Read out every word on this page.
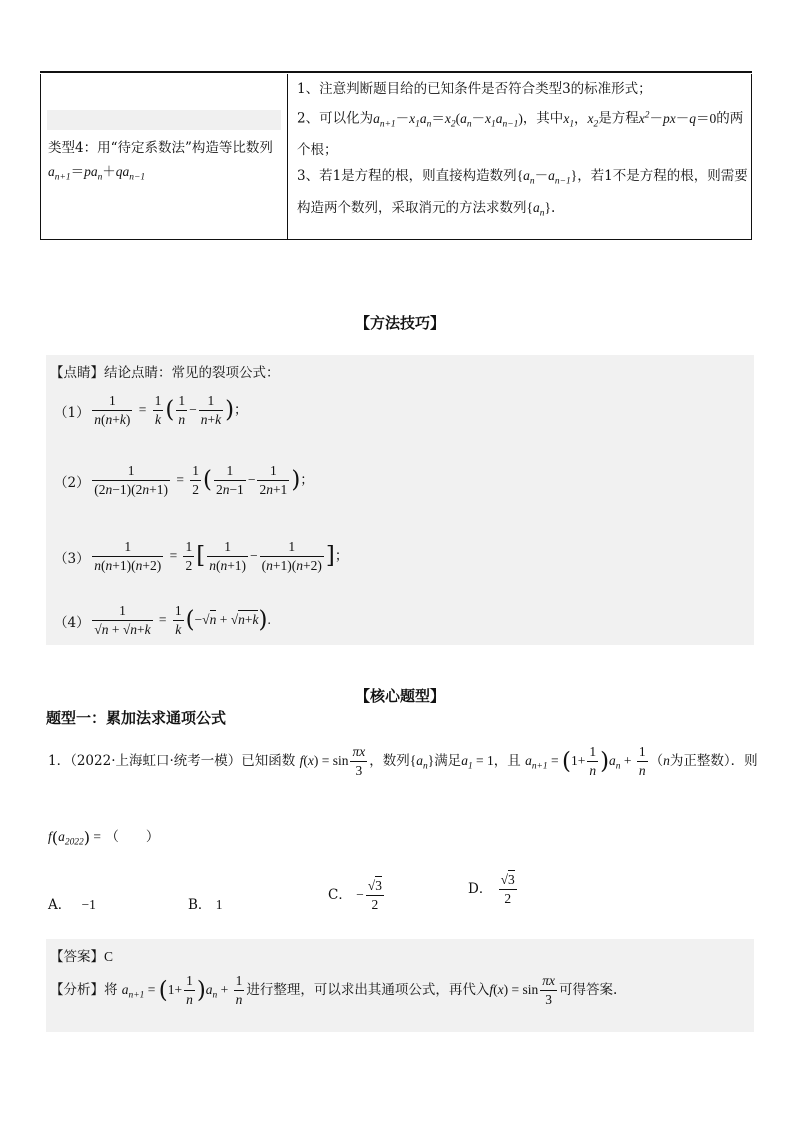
类型4：用“待定系数法”构造等比数列
$a_{n+1}=pa_n+qa_{n-1}$
1、注意判断题目给的已知条件是否符合类型3的标准形式；
2、可以化为$a_{n+1}-x_1a_n=x_2(a_n-x_1a_{n-1})$，其中$x_1$，$x_2$是方程$x^2-px-q=0$的两个根；
3、若1是方程的根，则直接构造数列$\{a_n-a_{n-1}\}$，若1不是方程的根，则需要构造两个数列，采取消元的方法求数列$\{a_n\}$.
【方法技巧】
【点睛】结论点睛：常见的裂项公式：
$(1) \frac{1}{n(n+k)} = \frac{1}{k}$ ( $\frac{1}{n} - \frac{1}{n+k}$ )；
$(2) \frac{1}{(2n-1)(2n+1)} = \frac{1}{2}$ ( $\frac{1}{2n-1} - \frac{1}{2n+1}$ )；
$(3) \frac{1}{n(n+1)(n+2)} = \frac{1}{2}$ [ $\frac{1}{n(n+1)} - \frac{1}{(n+1)(n+2)}$ ]；
$(4) \frac{1}{√n + √n+k} = \frac{1}{k} (-√n + √n+k)$.
【核心题型】
题型一：累加法求通项公式
1．（2022·上海虹口·统考一模）已知函数 $f(x) = \sin \frac{\pi x}{3}$ ，数列$\{a_n\}$满足$a_1 = 1$，且 $a_{n+1} = (1+ \frac{1}{n} )a_n + \frac{1}{n} (n$为正整数）．则
$f(a_{2022})$ = （　　）
A． −1	B． 1
C． − $\frac{√3}{2}$	D． $\frac{√3}{2}$
【答案】C
【分析】将 $a_{n+1} = (1+ \frac{1}{n} )a_n + \frac{1}{n}$ 进行整理，可以求出其通项公式，再代入$f(x) = \sin \frac{\pi x}{3}$ 可得答案.
